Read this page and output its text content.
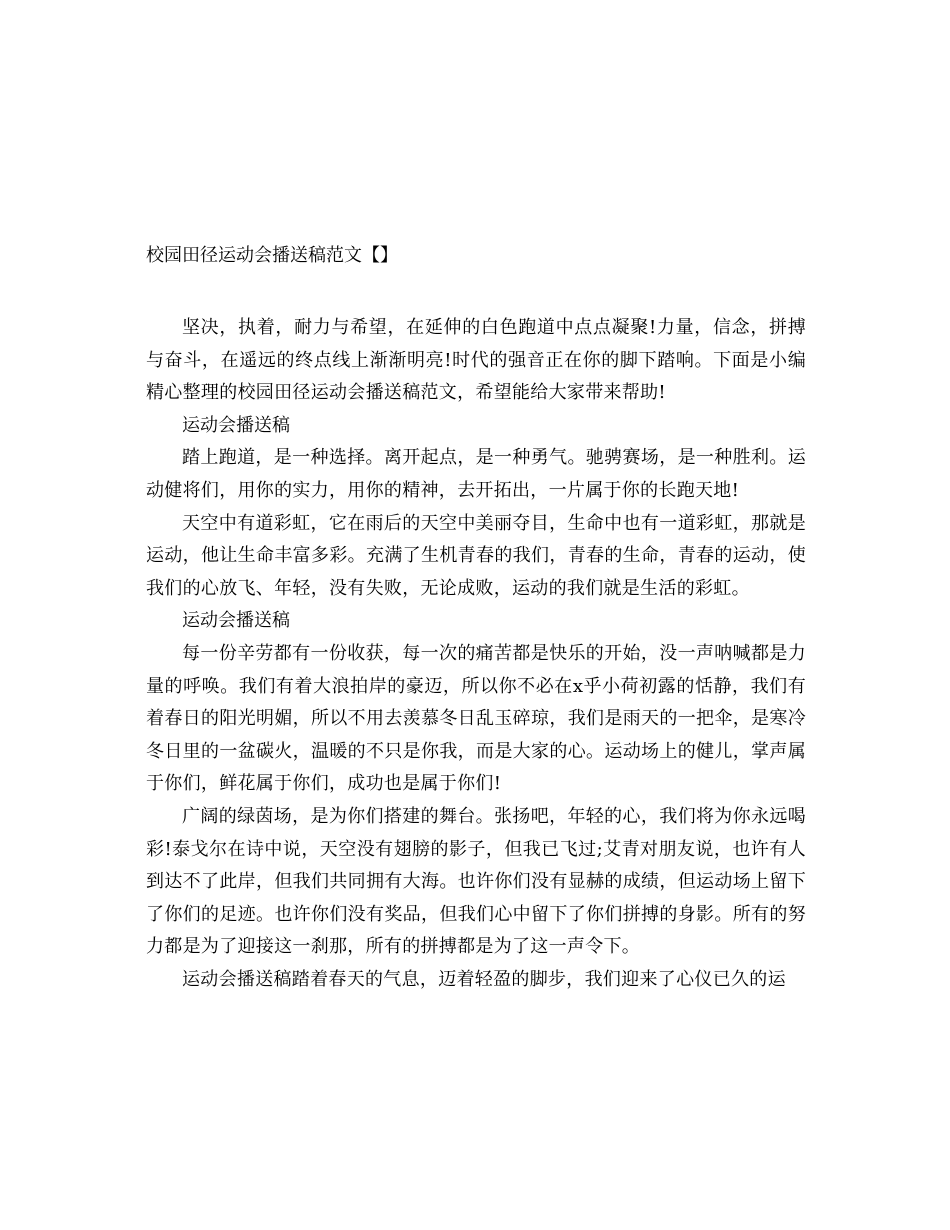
校园田径运动会播送稿范文【】

坚决，执着，耐力与希望，在延伸的白色跑道中点点凝聚!力量，信念，拼搏与奋斗，在遥远的终点线上渐渐明亮!时代的强音正在你的脚下踏响。下面是小编精心整理的校园田径运动会播送稿范文，希望能给大家带来帮助!

运动会播送稿

踏上跑道，是一种选择。离开起点，是一种勇气。驰骋赛场，是一种胜利。运动健将们，用你的实力，用你的精神，去开拓出，一片属于你的长跑天地!

天空中有道彩虹，它在雨后的天空中美丽夺目，生命中也有一道彩虹，那就是运动，他让生命丰富多彩。充满了生机青春的我们，青春的生命，青春的运动，使我们的心放飞、年轻，没有失败，无论成败，运动的我们就是生活的彩虹。

运动会播送稿

每一份辛劳都有一份收获，每一次的痛苦都是快乐的开始，没一声呐喊都是力量的呼唤。我们有着大浪拍岸的豪迈，所以你不必在x乎小荷初露的恬静，我们有着春日的阳光明媚，所以不用去羡慕冬日乱玉碎琼，我们是雨天的一把伞，是寒冷冬日里的一盆碳火，温暖的不只是你我，而是大家的心。运动场上的健儿，掌声属于你们，鲜花属于你们，成功也是属于你们!

广阔的绿茵场，是为你们搭建的舞台。张扬吧，年轻的心，我们将为你永远喝彩!泰戈尔在诗中说，天空没有翅膀的影子，但我已飞过;艾青对朋友说，也许有人到达不了此岸，但我们共同拥有大海。也许你们没有显赫的成绩，但运动场上留下了你们的足迹。也许你们没有奖品，但我们心中留下了你们拼搏的身影。所有的努力都是为了迎接这一刹那，所有的拼搏都是为了这一声令下。

运动会播送稿踏着春天的气息，迈着轻盈的脚步，我们迎来了心仪已久的运
